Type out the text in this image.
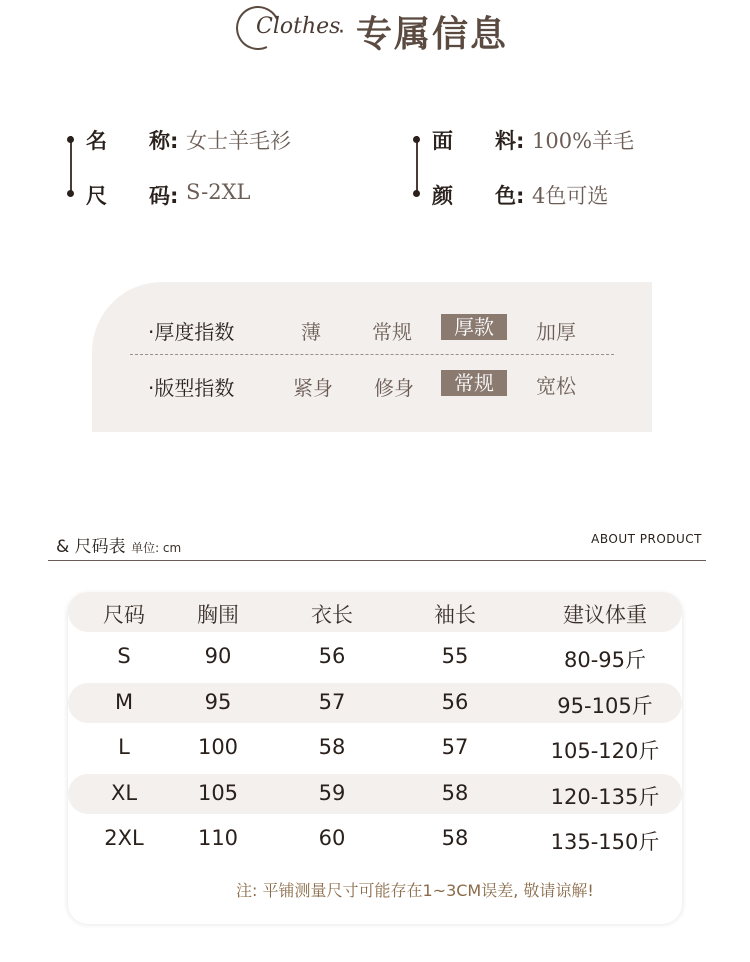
Clothes
· 专属信息
名　　称: 女士羊毛衫
尺　　码: S-2XL
面　　料: 100%羊毛
颜　　色: 4色可选
·厚度指数	薄	常规	厚款	加厚
·版型指数	紧身	修身	常规	宽松
& 尺码表 单位: cm
ABOUT PRODUCT
尺码 胸围	衣长	袖长	建议体重
S	90	56	55	80-95斤
M	95	57	56	95-105斤
L	100	58	57	105-120斤
XL	105	59	58	120-135斤
2XL	110	60	58	135-150斤
注: 平铺测量尺寸可能存在1~3CM误差, 敬请谅解!
